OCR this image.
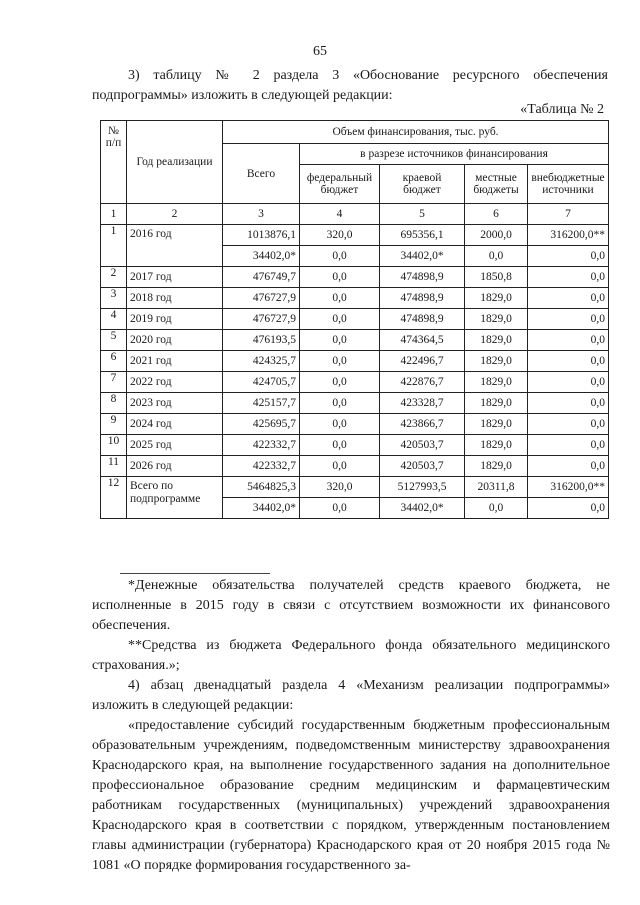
65
3) таблицу № 2 раздела 3 «Обоснование ресурсного обеспечения подпрограммы» изложить в следующей редакции:
«Таблица № 2
№ п/п	Год реализации	Объем финансирования, тыс. руб.				
		Всего	в разрезе источников финансирования			
			федеральный бюджет	краевой бюджет	местные бюджеты	внебюджетные источники
1	2	3	4	5	6	7
1	2016 год	1013876,1	320,0	695356,1	2000,0	316200,0**
		34402,0*	0,0	34402,0*	0,0	0,0
2	2017 год	476749,7	0,0	474898,9	1850,8	0,0
3	2018 год	476727,9	0,0	474898,9	1829,0	0,0
4	2019 год	476727,9	0,0	474898,9	1829,0	0,0
5	2020 год	476193,5	0,0	474364,5	1829,0	0,0
6	2021 год	424325,7	0,0	422496,7	1829,0	0,0
7	2022 год	424705,7	0,0	422876,7	1829,0	0,0
8	2023 год	425157,7	0,0	423328,7	1829,0	0,0
9	2024 год	425695,7	0,0	423866,7	1829,0	0,0
10	2025 год	422332,7	0,0	420503,7	1829,0	0,0
11	2026 год	422332,7	0,0	420503,7	1829,0	0,0
12	Всего по подпрограмме	5464825,3	320,0	5127993,5	20311,8	316200,0**
		34402,0*	0,0	34402,0*	0,0	0,0

*Денежные обязательства получателей средств краевого бюджета, не исполненные в 2015 году в связи с отсутствием возможности их финансового обеспечения.

**Средства из бюджета Федерального фонда обязательного медицинского страхования.»;

4) абзац двенадцатый раздела 4 «Механизм реализации подпрограммы» изложить в следующей редакции:

«предоставление субсидий государственным бюджетным профессиональным образовательным учреждениям, подведомственным министерству здравоохранения Краснодарского края, на выполнение государственного задания на дополнительное профессиональное образование средним медицинским и фармацевтическим работникам государственных (муниципальных) учреждений здравоохранения Краснодарского края в соответствии с порядком, утвержденным постановлением главы администрации (губернатора) Краснодарского края от 20 ноября 2015 года № 1081 «О порядке формирования государственного за-
